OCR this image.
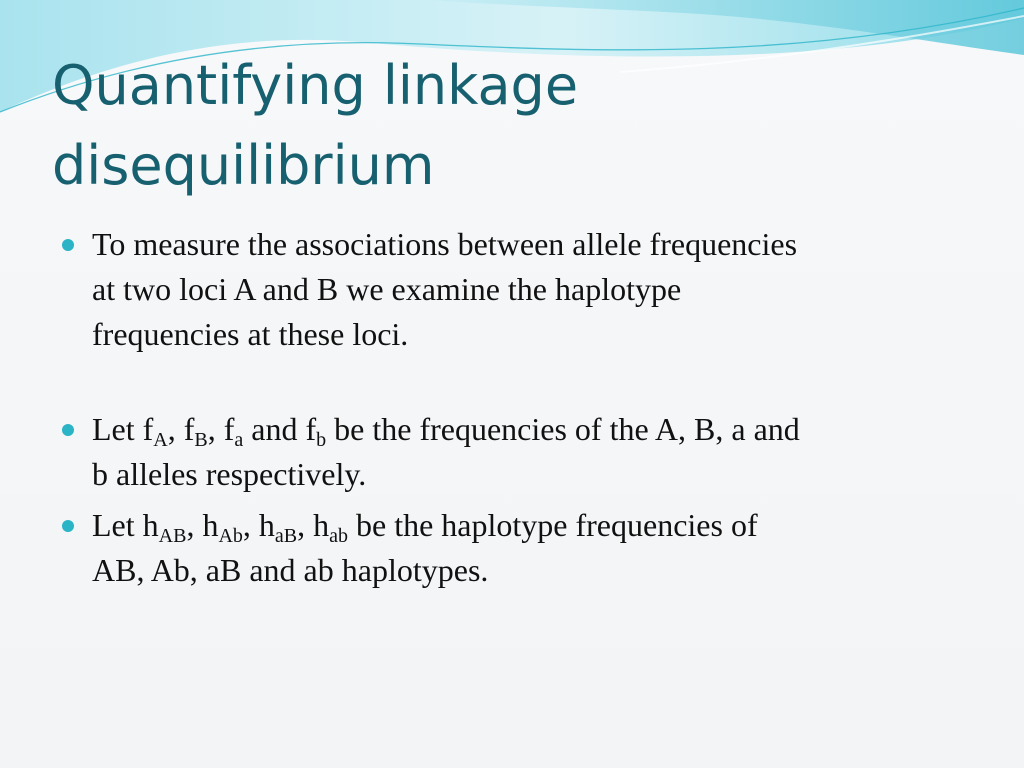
Quantifying linkage
disequilibrium
To measure the associations between allele frequencies
at two loci A and B we examine the haplotype
frequencies at these loci.
Let $f_A$, $f_B$, $f_a$ and $f_b$ be the frequencies of the A, B, a and
b alleles respectively.
Let $h_{AB}$, $h_{Ab}$, $h_{aB}$, $h_{ab}$ be the haplotype frequencies of
AB, Ab, aB and ab haplotypes.
